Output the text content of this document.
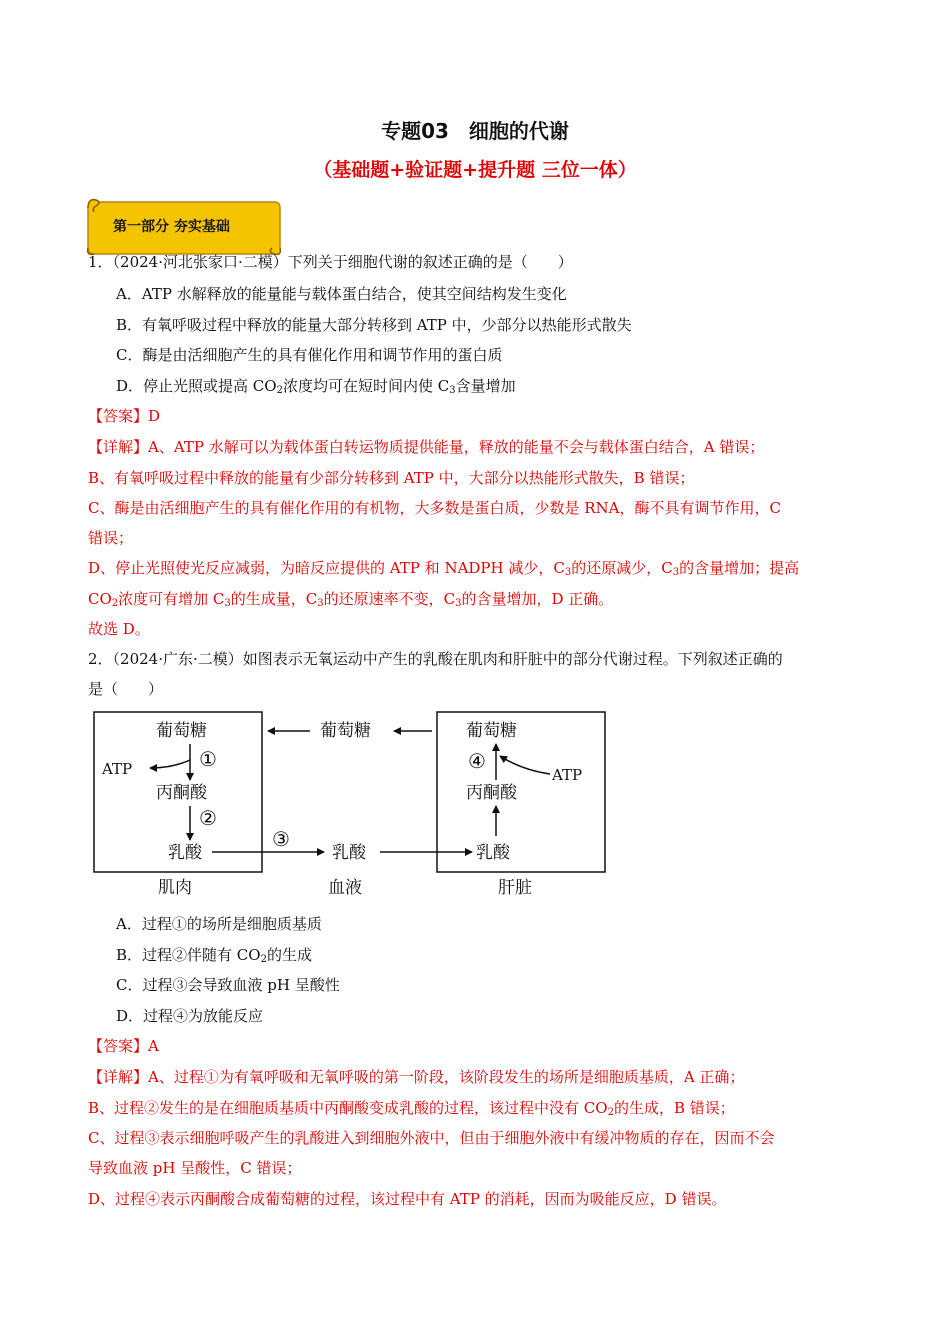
专题03　细胞的代谢
（基础题+验证题+提升题 三位一体）
第一部分 夯实基础
1．（2024·河北张家口·二模）下列关于细胞代谢的叙述正确的是（　　）
A．ATP 水解释放的能量能与载体蛋白结合，使其空间结构发生变化
B．有氧呼吸过程中释放的能量大部分转移到 ATP 中，少部分以热能形式散失
C．酶是由活细胞产生的具有催化作用和调节作用的蛋白质
D．停止光照或提高 $CO_2$浓度均可在短时间内使 $C_3$含量增加
【答案】D
【详解】A、ATP 水解可以为载体蛋白转运物质提供能量，释放的能量不会与载体蛋白结合，A 错误；
B、有氧呼吸过程中释放的能量有少部分转移到 ATP 中，大部分以热能形式散失，B 错误；
C、酶是由活细胞产生的具有催化作用的有机物，大多数是蛋白质，少数是 RNA，酶不具有调节作用，C
错误；
D、停止光照使光反应减弱，为暗反应提供的 ATP 和 NADPH 减少，$C_3$的还原减少，$C_3$的含量增加；提高
$CO_2$浓度可有增加 $C_3$的生成量，$C_3$的还原速率不变，$C_3$的含量增加，D 正确。
故选 D。
2．（2024·广东·二模）如图表示无氧运动中产生的乳酸在肌肉和肝脏中的部分代谢过程。下列叙述正确的
是（　　）
葡萄糖
丙酮酸
乳酸
①
②
ATP
葡萄糖
乳酸
③
葡萄糖
丙酮酸
乳酸
④
ATP
肌肉	血液	肝脏
A．过程①的场所是细胞质基质
B．过程②伴随有 $CO_2$的生成
C．过程③会导致血液 pH 呈酸性
D．过程④为放能反应
【答案】A
【详解】A、过程①为有氧呼吸和无氧呼吸的第一阶段，该阶段发生的场所是细胞质基质，A 正确；
B、过程②发生的是在细胞质基质中丙酮酸变成乳酸的过程，该过程中没有 $CO_2$的生成，B 错误；
C、过程③表示细胞呼吸产生的乳酸进入到细胞外液中，但由于细胞外液中有缓冲物质的存在，因而不会
导致血液 pH 呈酸性，C 错误；
D、过程④表示丙酮酸合成葡萄糖的过程，该过程中有 ATP 的消耗，因而为吸能反应，D 错误。
